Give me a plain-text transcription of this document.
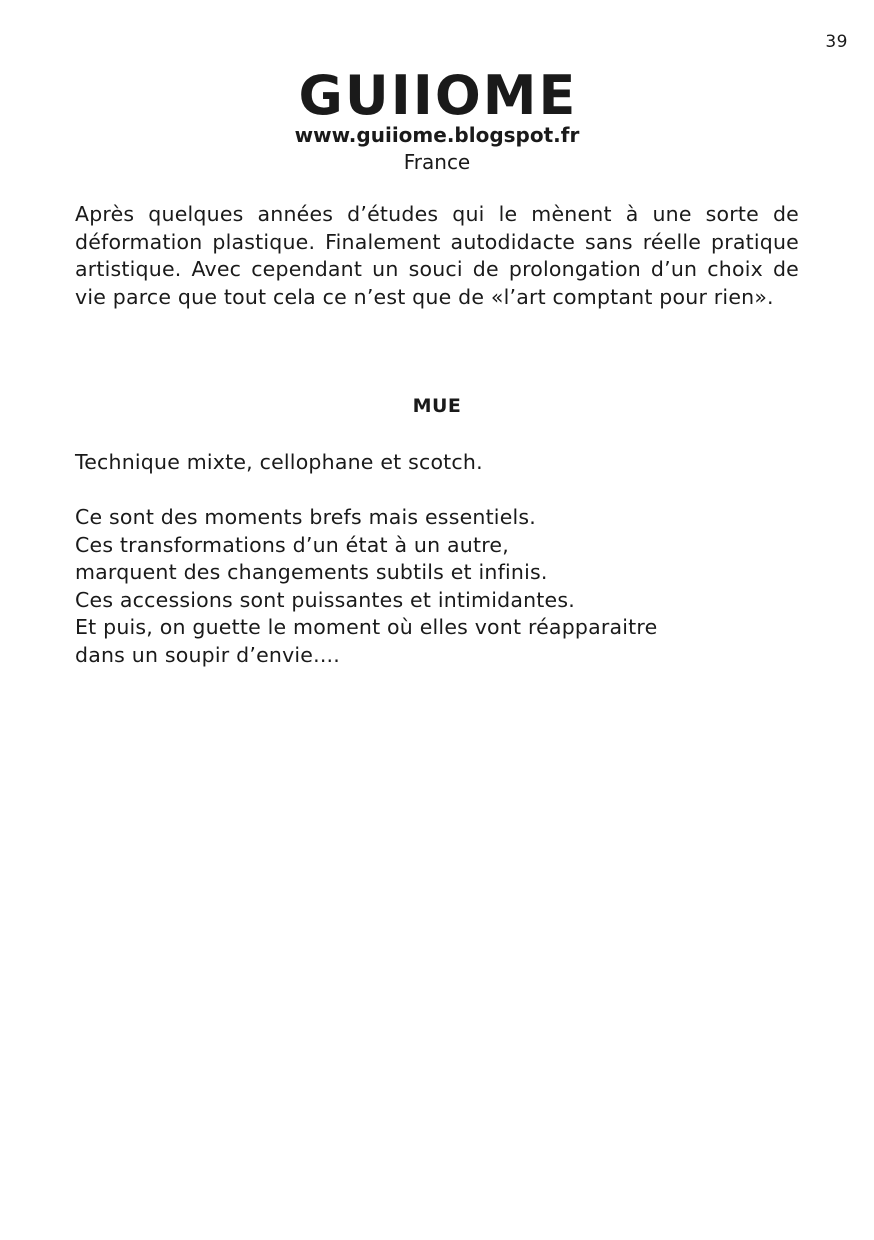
39
GUIIOME
www.guiiome.blogspot.fr
France

Après quelques années d’études qui le mènent à une sorte de déformation plastique. Finalement autodidacte sans réelle pratique artistique. Avec cependant un souci de prolongation d’un choix de vie parce que tout cela ce n’est que de «l’art comptant pour rien».

MUE
Technique mixte, cellophane et scotch.
Ce sont des moments brefs mais essentiels.
Ces transformations d’un état à un autre,
marquent des changements subtils et infinis.
Ces accessions sont puissantes et intimidantes.
Et puis, on guette le moment où elles vont réapparaitre
dans un soupir d’envie....
